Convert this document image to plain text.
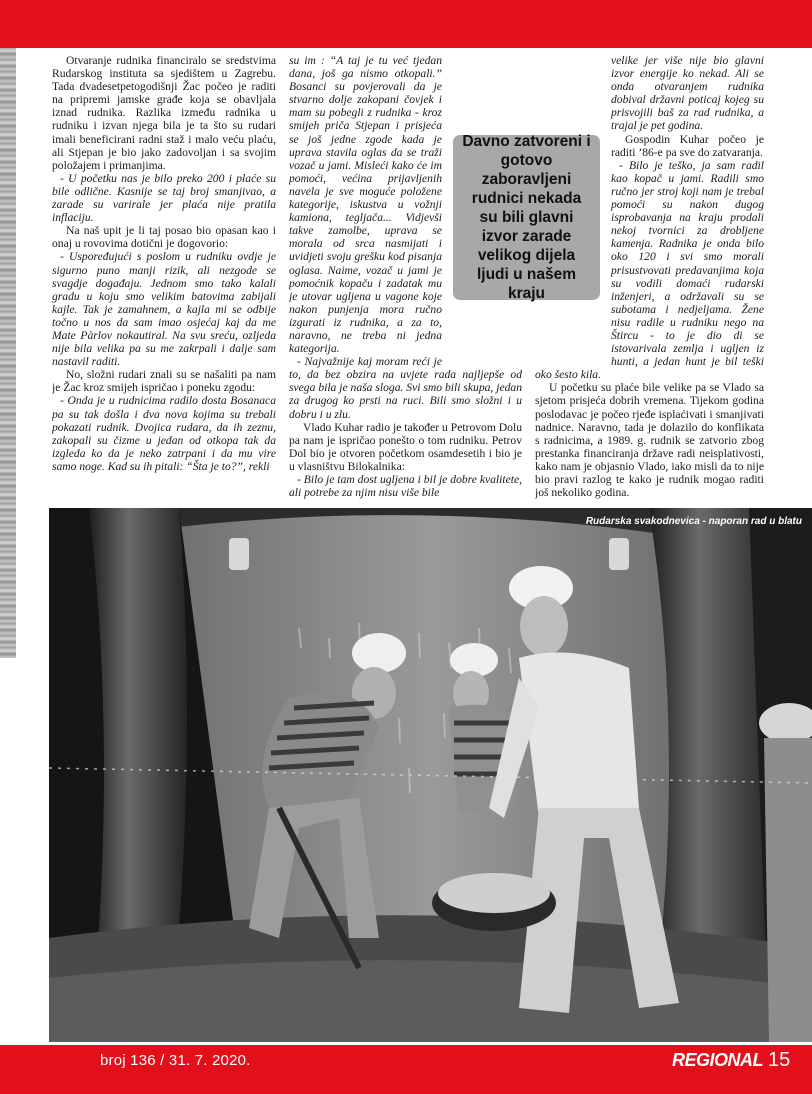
Otvaranje rudnika financiralo se sredstvima Rudarskog instituta sa sjedištem u Zagrebu. Tada dvadesetpetogodišnji Žac počeo je raditi na pripremi jamske građe koja se obavljala iznad rudnika. Razlika između radnika u rudniku i izvan njega bila je ta što su rudari imali beneficirani radni staž i malo veću plaću, ali Stjepan je bio jako zadovoljan i sa svojim položajem i primanjima.

- U početku nas je bilo preko 200 i plaće su bile odlične. Kasnije se taj broj smanjivao, a zarade su varirale jer plaća nije pratila inflaciju.

Na naš upit je li taj posao bio opasan kao i onaj u rovovima dotični je dogovorio:

- Uspoređujući s poslom u rudniku ovdje je sigurno puno manji rizik, ali nezgode se svagdje događaju. Jednom smo tako kalali gradu u koju smo velikim batovima zabijali kajle. Tak je zamahnem, a kajla mi se odbije točno u nos da sam imao osjećaj kaj da me Mate Pàrlov nokautiral. Na svu sreću, ozljeda nije bila velika pa su me zakrpali i dalje sam nastavil raditi.

No, složni rudari znali su se našaliti pa nam je Žac kroz smijeh ispričao i poneku zgodu:

- Onda je u rudnicima radilo dosta Bosanaca pa su tak došla i dva nova kojima su trebali pokazati rudnik. Dvojica rudara, da ih zeznu, zakopali su čizme u jedan od otkopa tak da izgleda ko da je neko zatrpani i da mu vire samo noge. Kad su ih pitali: “Šta je to?”, rekli

su im : “A taj je tu već tjedan dana, još ga nismo otkopali.” Bosanci su povjerovali da je stvarno dolje zakopani čovjek i mam su pobegli z rudnika - kroz smijeh priča Stjepan i prisjeća se još jedne zgode kada je uprava stavila oglas da se traži vozač u jami. Misleći kako će im pomoći, većina prijavljenih navela je sve moguće položene kategorije, iskustva u vožnji kamiona, tegljača... Vidjevši takve zamolbe, uprava se morala od srca nasmijati i uvidjeti svoju grešku kod pisanja oglasa. Naime, vozač u jami je pomoćnik kopaču i zadatak mu je utovar ugljena u vagone koje nakon punjenja mora ručno izgurati iz rudnika, a za to, naravno, ne treba ni jedna kategorija.

- Najvažnije kaj moram reći je to, da bez obzira na uvjete rada najljepše od svega bila je naša sloga. Svi smo bili skupa, jedan za drugog ko prsti na ruci. Bili smo složni i u dobru i u zlu.

Vlado Kuhar radio je također u Petrovom Dolu pa nam je ispričao ponešto o tom rudniku. Petrov Dol bio je otvoren početkom osamdesetih i bio je u vlasništvu Bilokalnika:

- Bilo je tam dost ugljena i bil je dobre kvalitete, ali potrebe za njim nisu više bile

velike jer više nije bio glavni izvor energije ko nekad. Ali se onda otvaranjem rudnika dobival državni poticaj kojeg su prisvojili baš za rad rudnika, a trajal je pet godina.

Gospodin Kuhar počeo je raditi ’86-e pa sve do zatvaranja.

- Bilo je teško, ja sam radil kao kopač u jami. Radili smo ručno jer stroj koji nam je trebal pomoći su nakon dugog isprobavanja na kraju prodali nekoj tvornici za drobljene kamenja. Radnika je onda bilo oko 120 i svi smo morali prisustvovati predavanjima koja su vodili domaći rudarski inženjeri, a održavali su se subotama i nedjeljama. Žene nisu radile u rudniku nego na Štircu - to je dio di se istovarivala zemlja i ugljen iz hunti, a jedan hunt je bil teški oko šesto kila.

U početku su plaće bile velike pa se Vlado sa sjetom prisjeća dobrih vremena. Tijekom godina poslodavac je počeo rjeđe isplaćivati i smanjivati nadnice. Naravno, tada je dolazilo do konflikata s radnicima, a 1989. g. rudnik se zatvorio zbog prestanka financiranja države radi neisplativosti, kako nam je objasnio Vlado, iako misli da to nije bio pravi razlog te kako je rudnik mogao raditi još nekoliko godina.

Davno zatvoreni i gotovo zaboravljeni rudnici nekada su bili glavni izvor zarade velikog dijela ljudi u našem kraju
Rudarska svakodnevica - naporan rad u blatu
broj 136 / 31. 7. 2020.	REGIONAL 15
